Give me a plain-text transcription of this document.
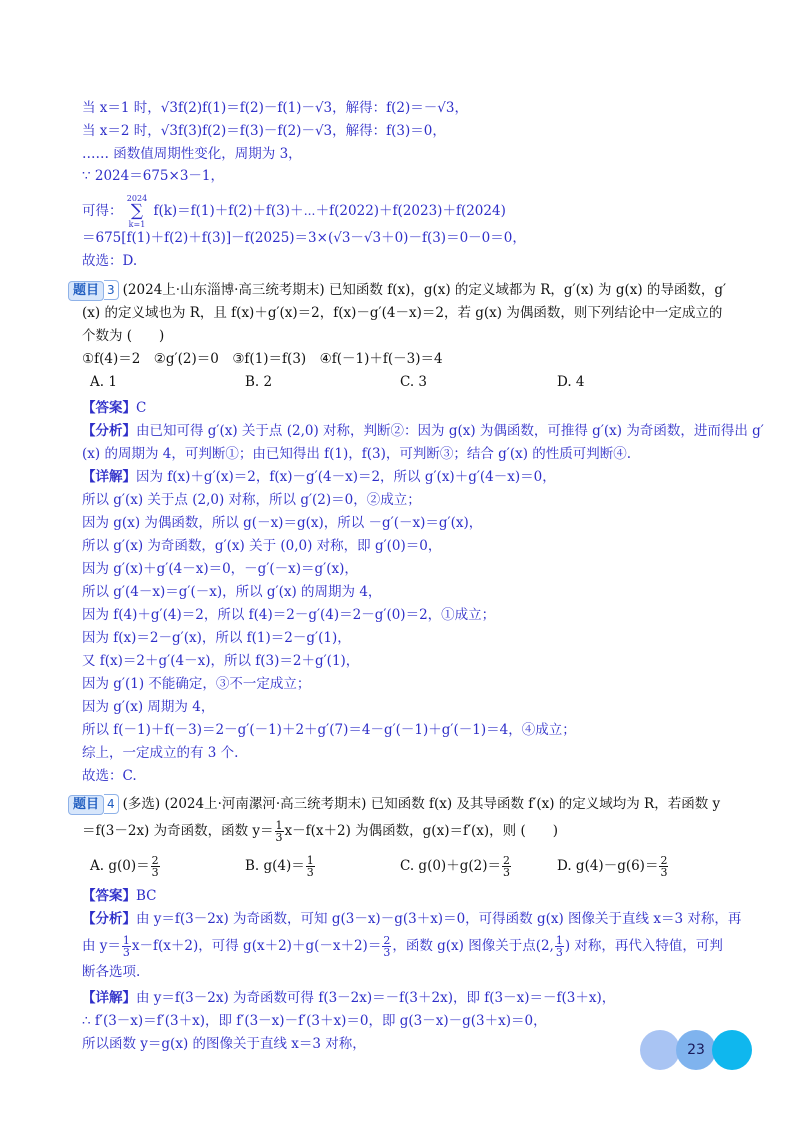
当 x＝1 时，√3f(2)f(1)＝f(2)－f(1)－√3，解得：f(2)＝－√3，
当 x＝2 时，√3f(3)f(2)＝f(3)－f(2)－√3，解得：f(3)＝0，
…… 函数值周期性变化，周期为 3，
∵ 2024＝675×3－1，
可得： 2024
∑
k=1 f(k)＝f(1)＋f(2)＋f(3)＋⋯＋f(2022)＋f(2023)＋f(2024)
＝675[f(1)＋f(2)＋f(3)]－f(2025)＝3×(√3－√3＋0)－f(3)＝0－0＝0，
故选：D.
题目 3 (2024上·山东淄博·高三统考期末) 已知函数 f(x)，g(x) 的定义域都为 R，g′(x) 为 g(x) 的导函数，g′
(x) 的定义域也为 R，且 f(x)＋g′(x)＝2，f(x)－g′(4－x)＝2，若 g(x) 为偶函数，则下列结论中一定成立的
个数为 (　　)
①f(4)＝2　②g′(2)＝0　③f(1)＝f(3)　④f(－1)＋f(－3)＝4
A. 1	B. 2	C. 3	D. 4
【答案】C
【分析】由已知可得 g′(x) 关于点 (2,0) 对称，判断②：因为 g(x) 为偶函数，可推得 g′(x) 为奇函数，进而得出 g′
(x) 的周期为 4，可判断①；由已知得出 f(1)，f(3)，可判断③；结合 g′(x) 的性质可判断④.
【详解】因为 f(x)＋g′(x)＝2，f(x)－g′(4－x)＝2，所以 g′(x)＋g′(4－x)＝0，
所以 g′(x) 关于点 (2,0) 对称，所以 g′(2)＝0，②成立；
因为 g(x) 为偶函数，所以 g(－x)＝g(x)，所以 －g′(－x)＝g′(x)，
所以 g′(x) 为奇函数，g′(x) 关于 (0,0) 对称，即 g′(0)＝0，
因为 g′(x)＋g′(4－x)＝0，－g′(－x)＝g′(x)，
所以 g′(4－x)＝g′(－x)，所以 g′(x) 的周期为 4，
因为 f(4)＋g′(4)＝2，所以 f(4)＝2－g′(4)＝2－g′(0)＝2，①成立；
因为 f(x)＝2－g′(x)，所以 f(1)＝2－g′(1)，
又 f(x)＝2＋g′(4－x)，所以 f(3)＝2＋g′(1)，
因为 g′(1) 不能确定，③不一定成立；
因为 g′(x) 周期为 4，
所以 f(－1)＋f(－3)＝2－g′(－1)＋2＋g′(7)＝4－g′(－1)＋g′(－1)＝4，④成立；
综上，一定成立的有 3 个.
故选：C.
题目 4 (多选) (2024上·河南漯河·高三统考期末) 已知函数 f(x) 及其导函数 f′(x) 的定义域均为 R，若函数 y
＝f(3－2x) 为奇函数，函数 $y= \frac{1}{3} x-f(x+2)$ 为偶函数，g(x)＝f′(x)，则 (　　)
A. $g(0)= \frac{2}{3}$	B. $g(4)= \frac{1}{3}$	C. $g(0)+g(2)= \frac{2}{3}$	D. $g(4)-g(6)= \frac{2}{3}$
【答案】BC
【分析】由 y＝f(3－2x) 为奇函数，可知 g(3－x)－g(3＋x)＝0，可得函数 g(x) 图像关于直线 x＝3 对称，再
由 $y= \frac{1}{3} x-f(x+2)$，可得 $g(x+2)+g(-x+2)= \frac{2}{3}$ ，函数 g(x) 图像关于点(2, $\frac{1}{3}$ ) 对称，再代入特值，可判
断各选项.
【详解】由 y＝f(3－2x) 为奇函数可得 f(3－2x)＝－f(3＋2x)，即 f(3－x)＝－f(3＋x)，
∴ f′(3－x)＝f′(3＋x)，即 f′(3－x)－f′(3＋x)＝0，即 g(3－x)－g(3＋x)＝0，
所以函数 y＝g(x) 的图像关于直线 x＝3 对称，	23
